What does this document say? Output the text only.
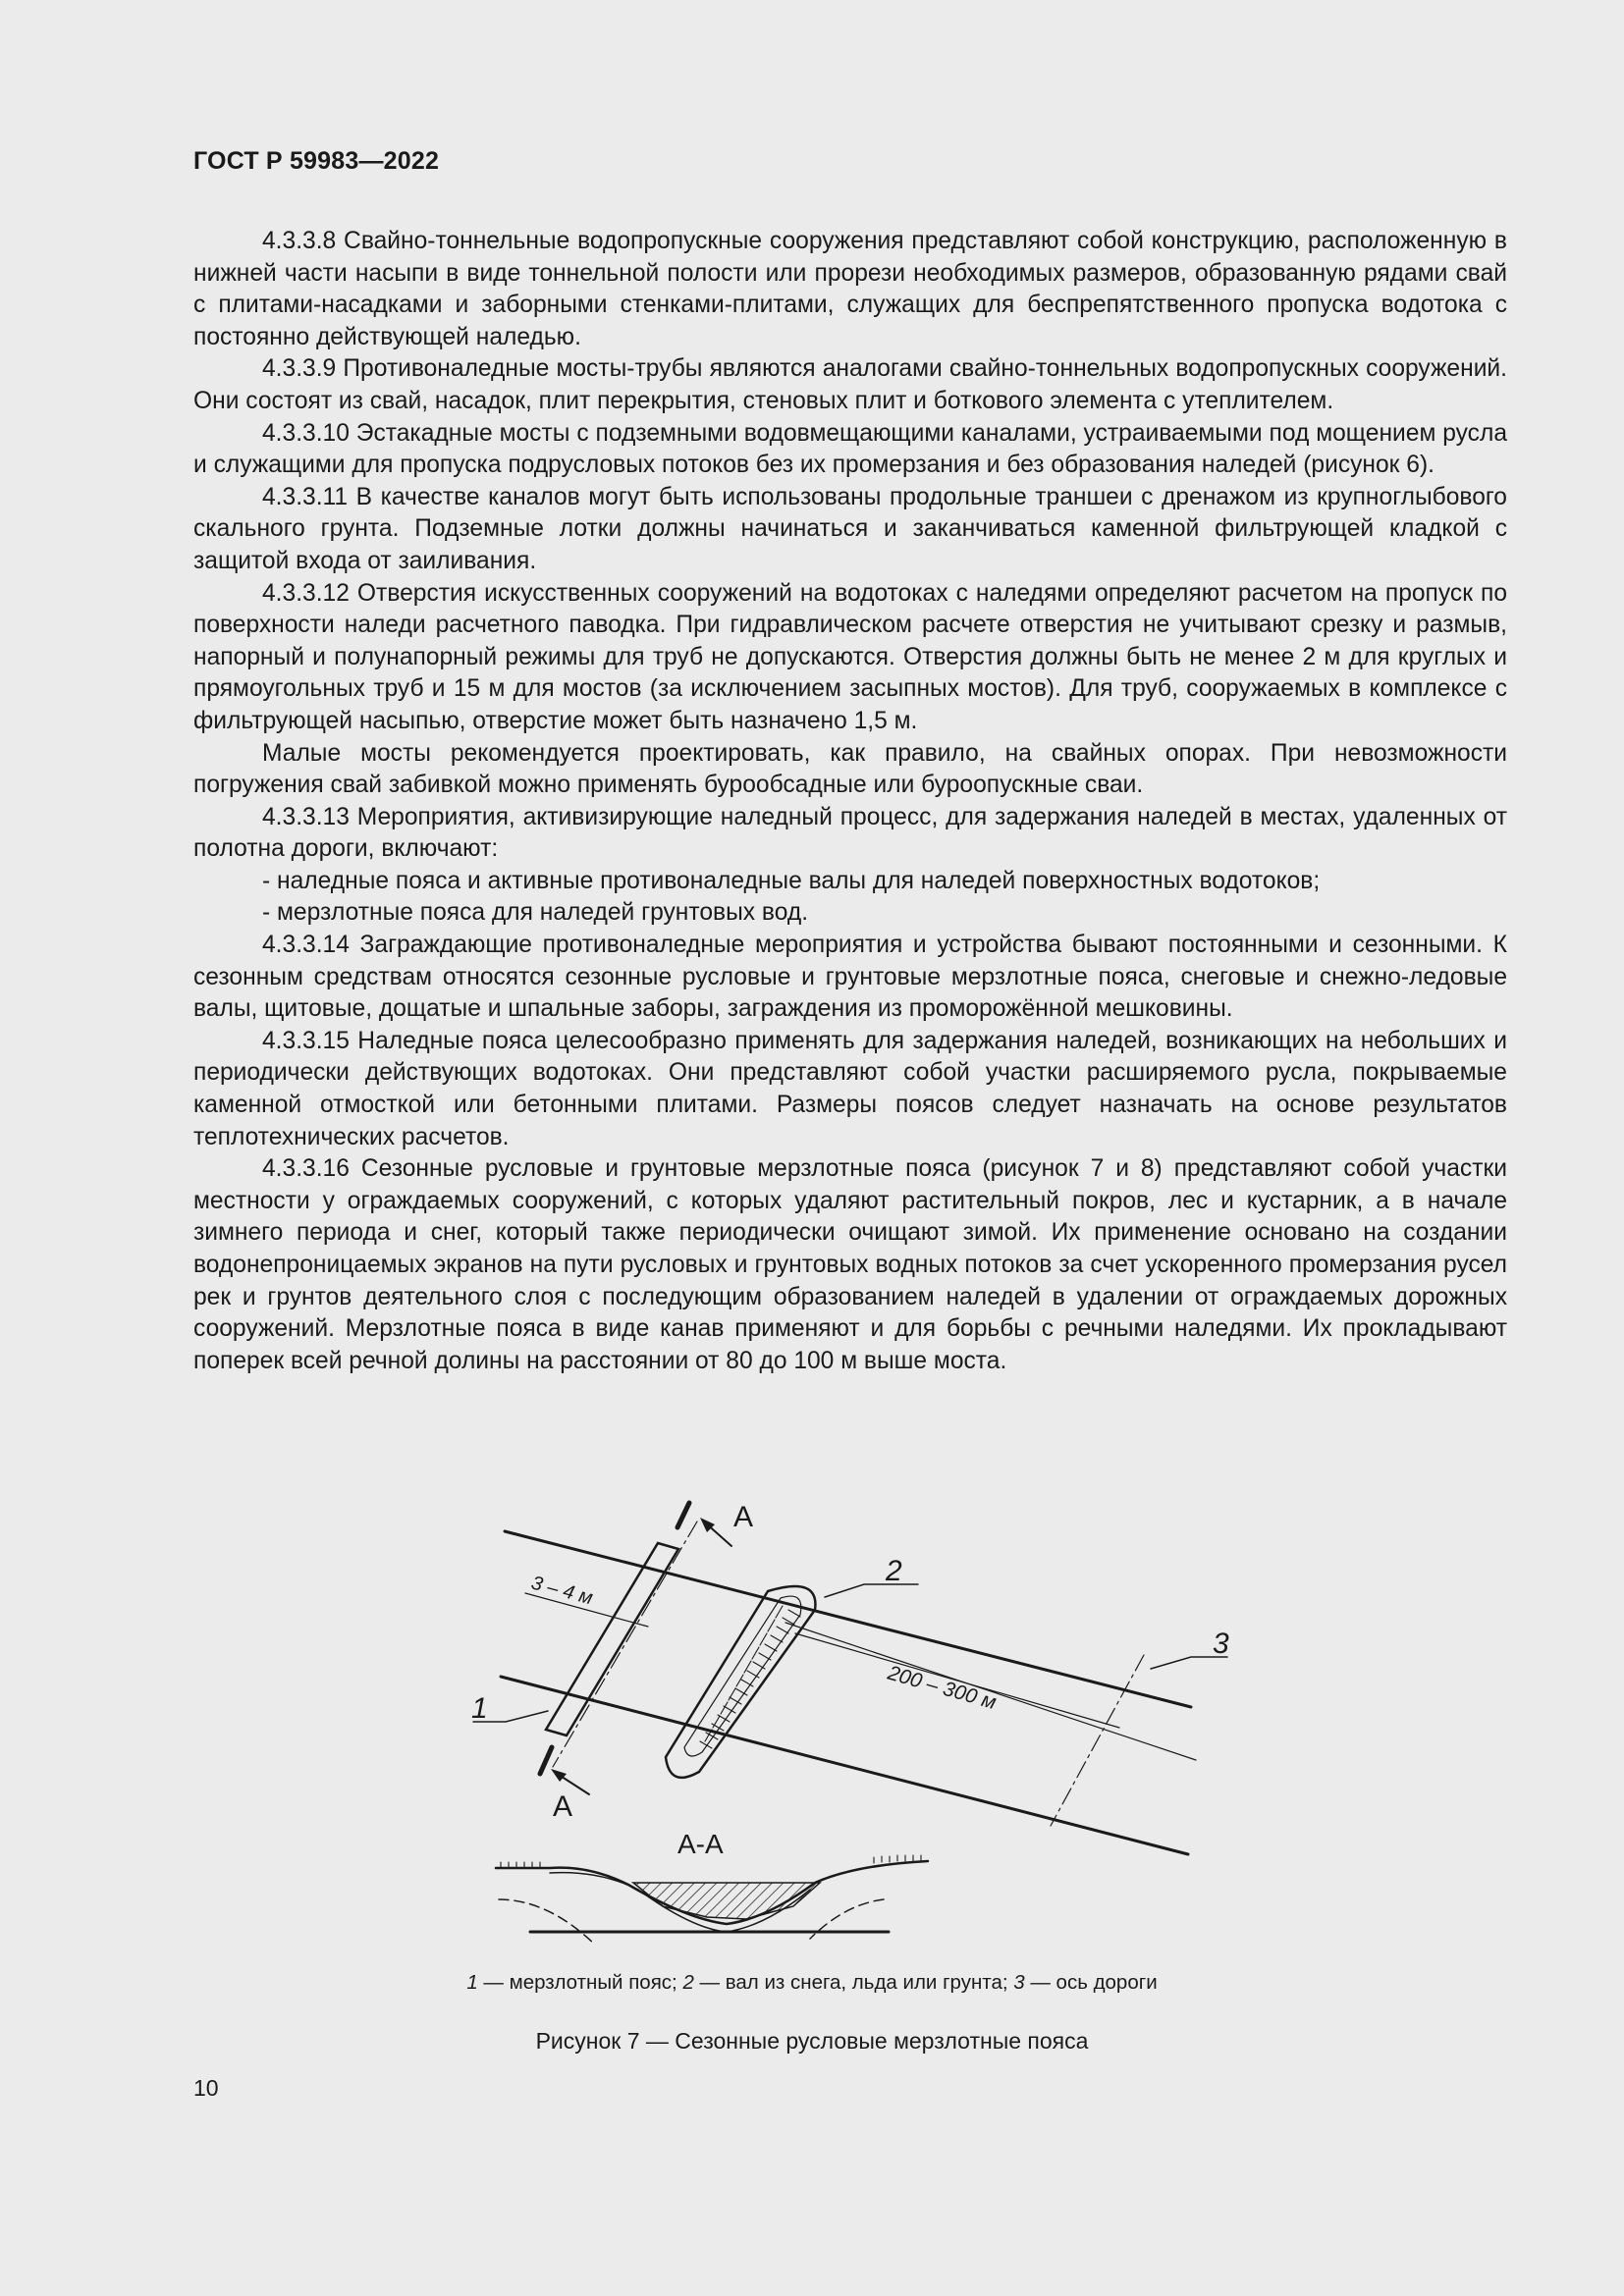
ГОСТ Р 59983—2022

4.3.3.8 Свайно-тоннельные водопропускные сооружения представляют собой конструкцию, расположенную в нижней части насыпи в виде тоннельной полости или прорези необходимых размеров, образованную рядами свай с плитами-насадками и заборными стенками-плитами, служащих для беспрепятственного пропуска водотока с постоянно действующей наледью.

4.3.3.9 Противоналедные мосты-трубы являются аналогами свайно-тоннельных водопропускных сооружений. Они состоят из свай, насадок, плит перекрытия, стеновых плит и боткового элемента с утеплителем.

4.3.3.10 Эстакадные мосты с подземными водовмещающими каналами, устраиваемыми под мощением русла и служащими для пропуска подрусловых потоков без их промерзания и без образования наледей (рисунок 6).

4.3.3.11 В качестве каналов могут быть использованы продольные траншеи с дренажом из крупноглыбового скального грунта. Подземные лотки должны начинаться и заканчиваться каменной фильтрующей кладкой с защитой входа от заиливания.

4.3.3.12 Отверстия искусственных сооружений на водотоках с наледями определяют расчетом на пропуск по поверхности наледи расчетного паводка. При гидравлическом расчете отверстия не учитывают срезку и размыв, напорный и полунапорный режимы для труб не допускаются. Отверстия должны быть не менее 2 м для круглых и прямоугольных труб и 15 м для мостов (за исключением засыпных мостов). Для труб, сооружаемых в комплексе с фильтрующей насыпью, отверстие может быть назначено 1,5 м.

Малые мосты рекомендуется проектировать, как правило, на свайных опорах. При невозможности погружения свай забивкой можно применять бурообсадные или буроопускные сваи.

4.3.3.13 Мероприятия, активизирующие наледный процесс, для задержания наледей в местах, удаленных от полотна дороги, включают:

- наледные пояса и активные противоналедные валы для наледей поверхностных водотоков;

- мерзлотные пояса для наледей грунтовых вод.

4.3.3.14 Заграждающие противоналедные мероприятия и устройства бывают постоянными и сезонными. К сезонным средствам относятся сезонные русловые и грунтовые мерзлотные пояса, снеговые и снежно-ледовые валы, щитовые, дощатые и шпальные заборы, заграждения из проморожённой мешковины.

4.3.3.15 Наледные пояса целесообразно применять для задержания наледей, возникающих на небольших и периодически действующих водотоках. Они представляют собой участки расширяемого русла, покрываемые каменной отмосткой или бетонными плитами. Размеры поясов следует назначать на основе результатов теплотехнических расчетов.

4.3.3.16 Сезонные русловые и грунтовые мерзлотные пояса (рисунок 7 и 8) представляют собой участки местности у ограждаемых сооружений, с которых удаляют растительный покров, лес и кустарник, а в начале зимнего периода и снег, который также периодически очищают зимой. Их применение основано на создании водонепроницаемых экранов на пути русловых и грунтовых водных потоков за счет ускоренного промерзания русел рек и грунтов деятельного слоя с последующим образованием наледей в удалении от ограждаемых дорожных сооружений. Мерзлотные пояса в виде канав применяют и для борьбы с речными наледями. Их прокладывают поперек всей речной долины на расстоянии от 80 до 100 м выше моста.

А
А
1
2
3
3 – 4 м
200 – 300 м
А-А
1 — мерзлотный пояс; 2 — вал из снега, льда или грунта; 3 — ось дороги
Рисунок 7 — Сезонные русловые мерзлотные пояса
10
